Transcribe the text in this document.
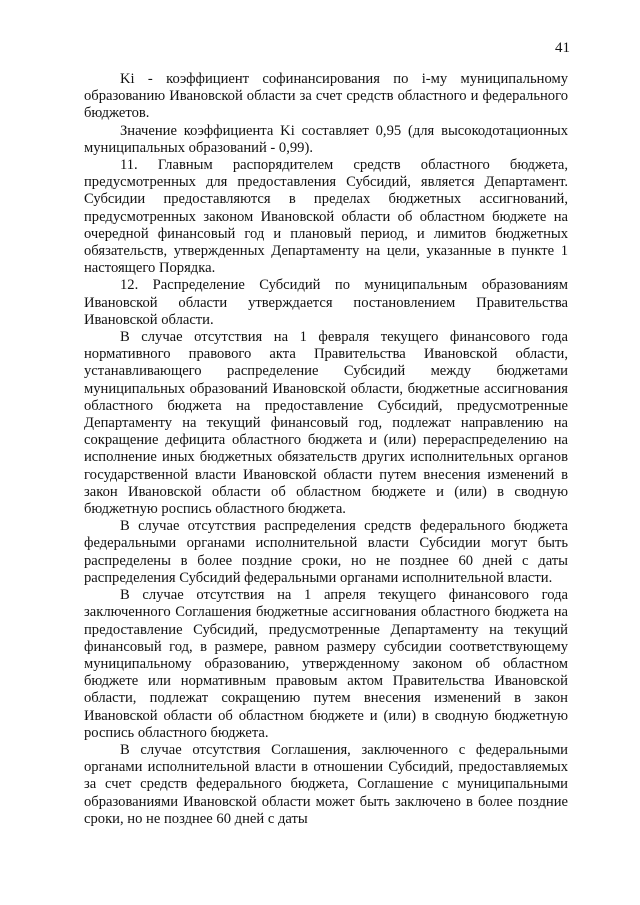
41

Ki - коэффициент софинансирования по i-му муниципальному образованию Ивановской области за счет средств областного и федерального бюджетов.

Значение коэффициента Ki составляет 0,95 (для высокодотационных муниципальных образований - 0,99).

11. Главным распорядителем средств областного бюджета, предусмотренных для предоставления Субсидий, является Департамент. Субсидии предоставляются в пределах бюджетных ассигнований, предусмотренных законом Ивановской области об областном бюджете на очередной финансовый год и плановый период, и лимитов бюджетных обязательств, утвержденных Департаменту на цели, указанные в пункте 1 настоящего Порядка.

12. Распределение Субсидий по муниципальным образованиям Ивановской области утверждается постановлением Правительства Ивановской области.

В случае отсутствия на 1 февраля текущего финансового года нормативного правового акта Правительства Ивановской области, устанавливающего распределение Субсидий между бюджетами муниципальных образований Ивановской области, бюджетные ассигнования областного бюджета на предоставление Субсидий, предусмотренные Департаменту на текущий финансовый год, подлежат направлению на сокращение дефицита областного бюджета и (или) перераспределению на исполнение иных бюджетных обязательств других исполнительных органов государственной власти Ивановской области путем внесения изменений в закон Ивановской области об областном бюджете и (или) в сводную бюджетную роспись областного бюджета.

В случае отсутствия распределения средств федерального бюджета федеральными органами исполнительной власти Субсидии могут быть распределены в более поздние сроки, но не позднее 60 дней с даты распределения Субсидий федеральными органами исполнительной власти.

В случае отсутствия на 1 апреля текущего финансового года заключенного Соглашения бюджетные ассигнования областного бюджета на предоставление Субсидий, предусмотренные Департаменту на текущий финансовый год, в размере, равном размеру субсидии соответствующему муниципальному образованию, утвержденному законом об областном бюджете или нормативным правовым актом Правительства Ивановской области, подлежат сокращению путем внесения изменений в закон Ивановской области об областном бюджете и (или) в сводную бюджетную роспись областного бюджета.

В случае отсутствия Соглашения, заключенного с федеральными органами исполнительной власти в отношении Субсидий, предоставляемых за счет средств федерального бюджета, Соглашение с муниципальными образованиями Ивановской области может быть заключено в более поздние сроки, но не позднее 60 дней с даты
